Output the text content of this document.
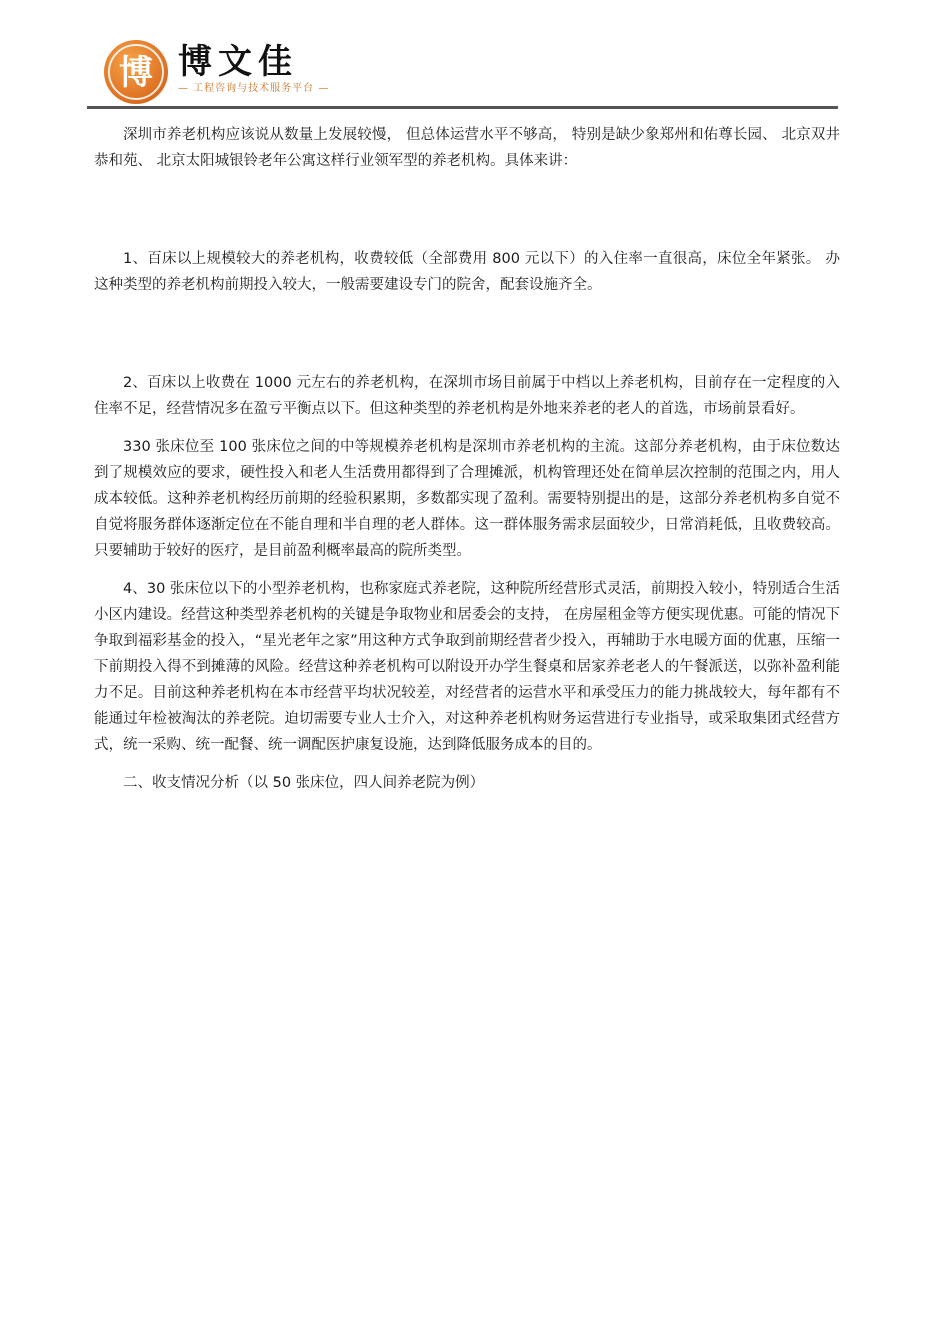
博 博文佳
— 工程咨询与技术服务平台 —

深圳市养老机构应该说从数量上发展较慢， 但总体运营水平不够高， 特别是缺少象郑州和佑尊长园、 北京双井恭和苑、 北京太阳城银铃老年公寓这样行业领军型的养老机构。具体来讲：

1、百床以上规模较大的养老机构，收费较低（全部费用 800 元以下）的入住率一直很高，床位全年紧张。 办这种类型的养老机构前期投入较大，一般需要建设专门的院舍，配套设施齐全。

2、百床以上收费在 1000 元左右的养老机构，在深圳市场目前属于中档以上养老机构，目前存在一定程度的入住率不足，经营情况多在盈亏平衡点以下。但这种类型的养老机构是外地来养老的老人的首选，市场前景看好。

330 张床位至 100 张床位之间的中等规模养老机构是深圳市养老机构的主流。这部分养老机构，由于床位数达到了规模效应的要求，硬性投入和老人生活费用都得到了合理摊派，机构管理还处在简单层次控制的范围之内，用人成本较低。这种养老机构经历前期的经验积累期，多数都实现了盈利。需要特别提出的是，这部分养老机构多自觉不自觉将服务群体逐渐定位在不能自理和半自理的老人群体。这一群体服务需求层面较少，日常消耗低，且收费较高。 只要辅助于较好的医疗，是目前盈利概率最高的院所类型。

4、30 张床位以下的小型养老机构，也称家庭式养老院，这种院所经营形式灵活，前期投入较小，特别适合生活小区内建设。经营这种类型养老机构的关键是争取物业和居委会的支持， 在房屋租金等方便实现优惠。可能的情况下争取到福彩基金的投入，“星光老年之家”用这种方式争取到前期经营者少投入，再辅助于水电暖方面的优惠，压缩一下前期投入得不到摊薄的风险。经营这种养老机构可以附设开办学生餐桌和居家养老老人的午餐派送，以弥补盈利能力不足。目前这种养老机构在本市经营平均状况较差，对经营者的运营水平和承受压力的能力挑战较大，每年都有不能通过年检被淘汰的养老院。迫切需要专业人士介入，对这种养老机构财务运营进行专业指导，或采取集团式经营方式，统一采购、统一配餐、统一调配医护康复设施，达到降低服务成本的目的。

二、收支情况分析（以 50 张床位，四人间养老院为例）
